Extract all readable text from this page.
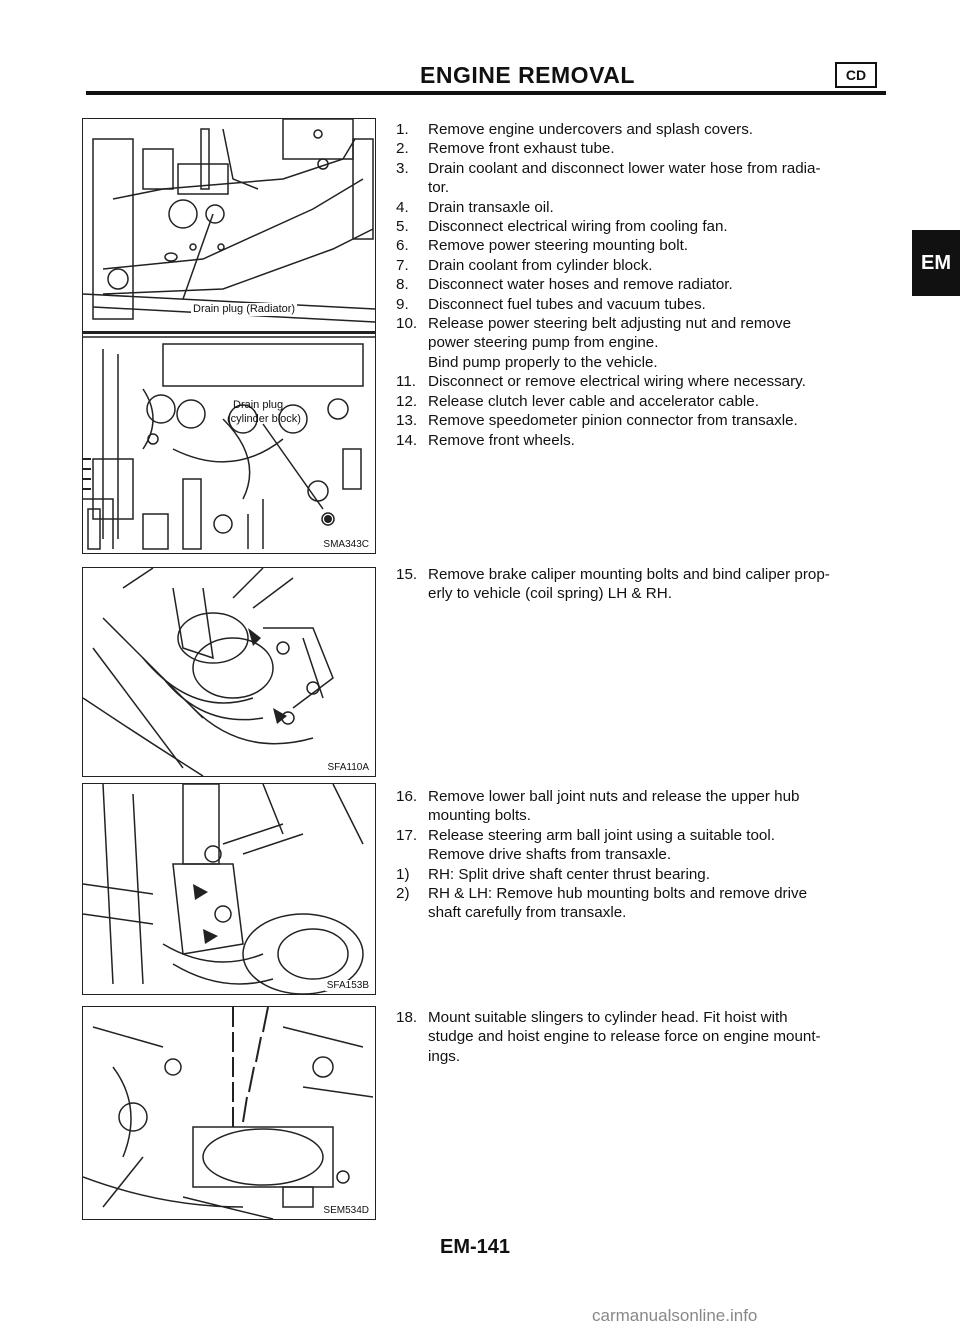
ENGINE REMOVAL	CD
EM
Drain plug (Radiator)
Drain plug
(cylinder block)
SMA343C
SFA110A
SFA153B
SEM534D
1. Remove engine undercovers and splash covers.
2. Remove front exhaust tube.
3. Drain coolant and disconnect lower water hose from radia-
tor.
4. Drain transaxle oil.
5. Disconnect electrical wiring from cooling fan.
6. Remove power steering mounting bolt.
7. Drain coolant from cylinder block.
8. Disconnect water hoses and remove radiator.
9. Disconnect fuel tubes and vacuum tubes.
10. Release power steering belt adjusting nut and remove
power steering pump from engine.
Bind pump properly to the vehicle.
11. Disconnect or remove electrical wiring where necessary.
12. Release clutch lever cable and accelerator cable.
13. Remove speedometer pinion connector from transaxle.
14. Remove front wheels.
15. Remove brake caliper mounting bolts and bind caliper prop-
erly to vehicle (coil spring) LH & RH.
16. Remove lower ball joint nuts and release the upper hub
mounting bolts.
17. Release steering arm ball joint using a suitable tool.
Remove drive shafts from transaxle.
1) RH: Split drive shaft center thrust bearing.
2) RH & LH: Remove hub mounting bolts and remove drive
shaft carefully from transaxle.
18. Mount suitable slingers to cylinder head. Fit hoist with
studge and hoist engine to release force on engine mount-
ings.
EM-141
carmanualsonline.info
